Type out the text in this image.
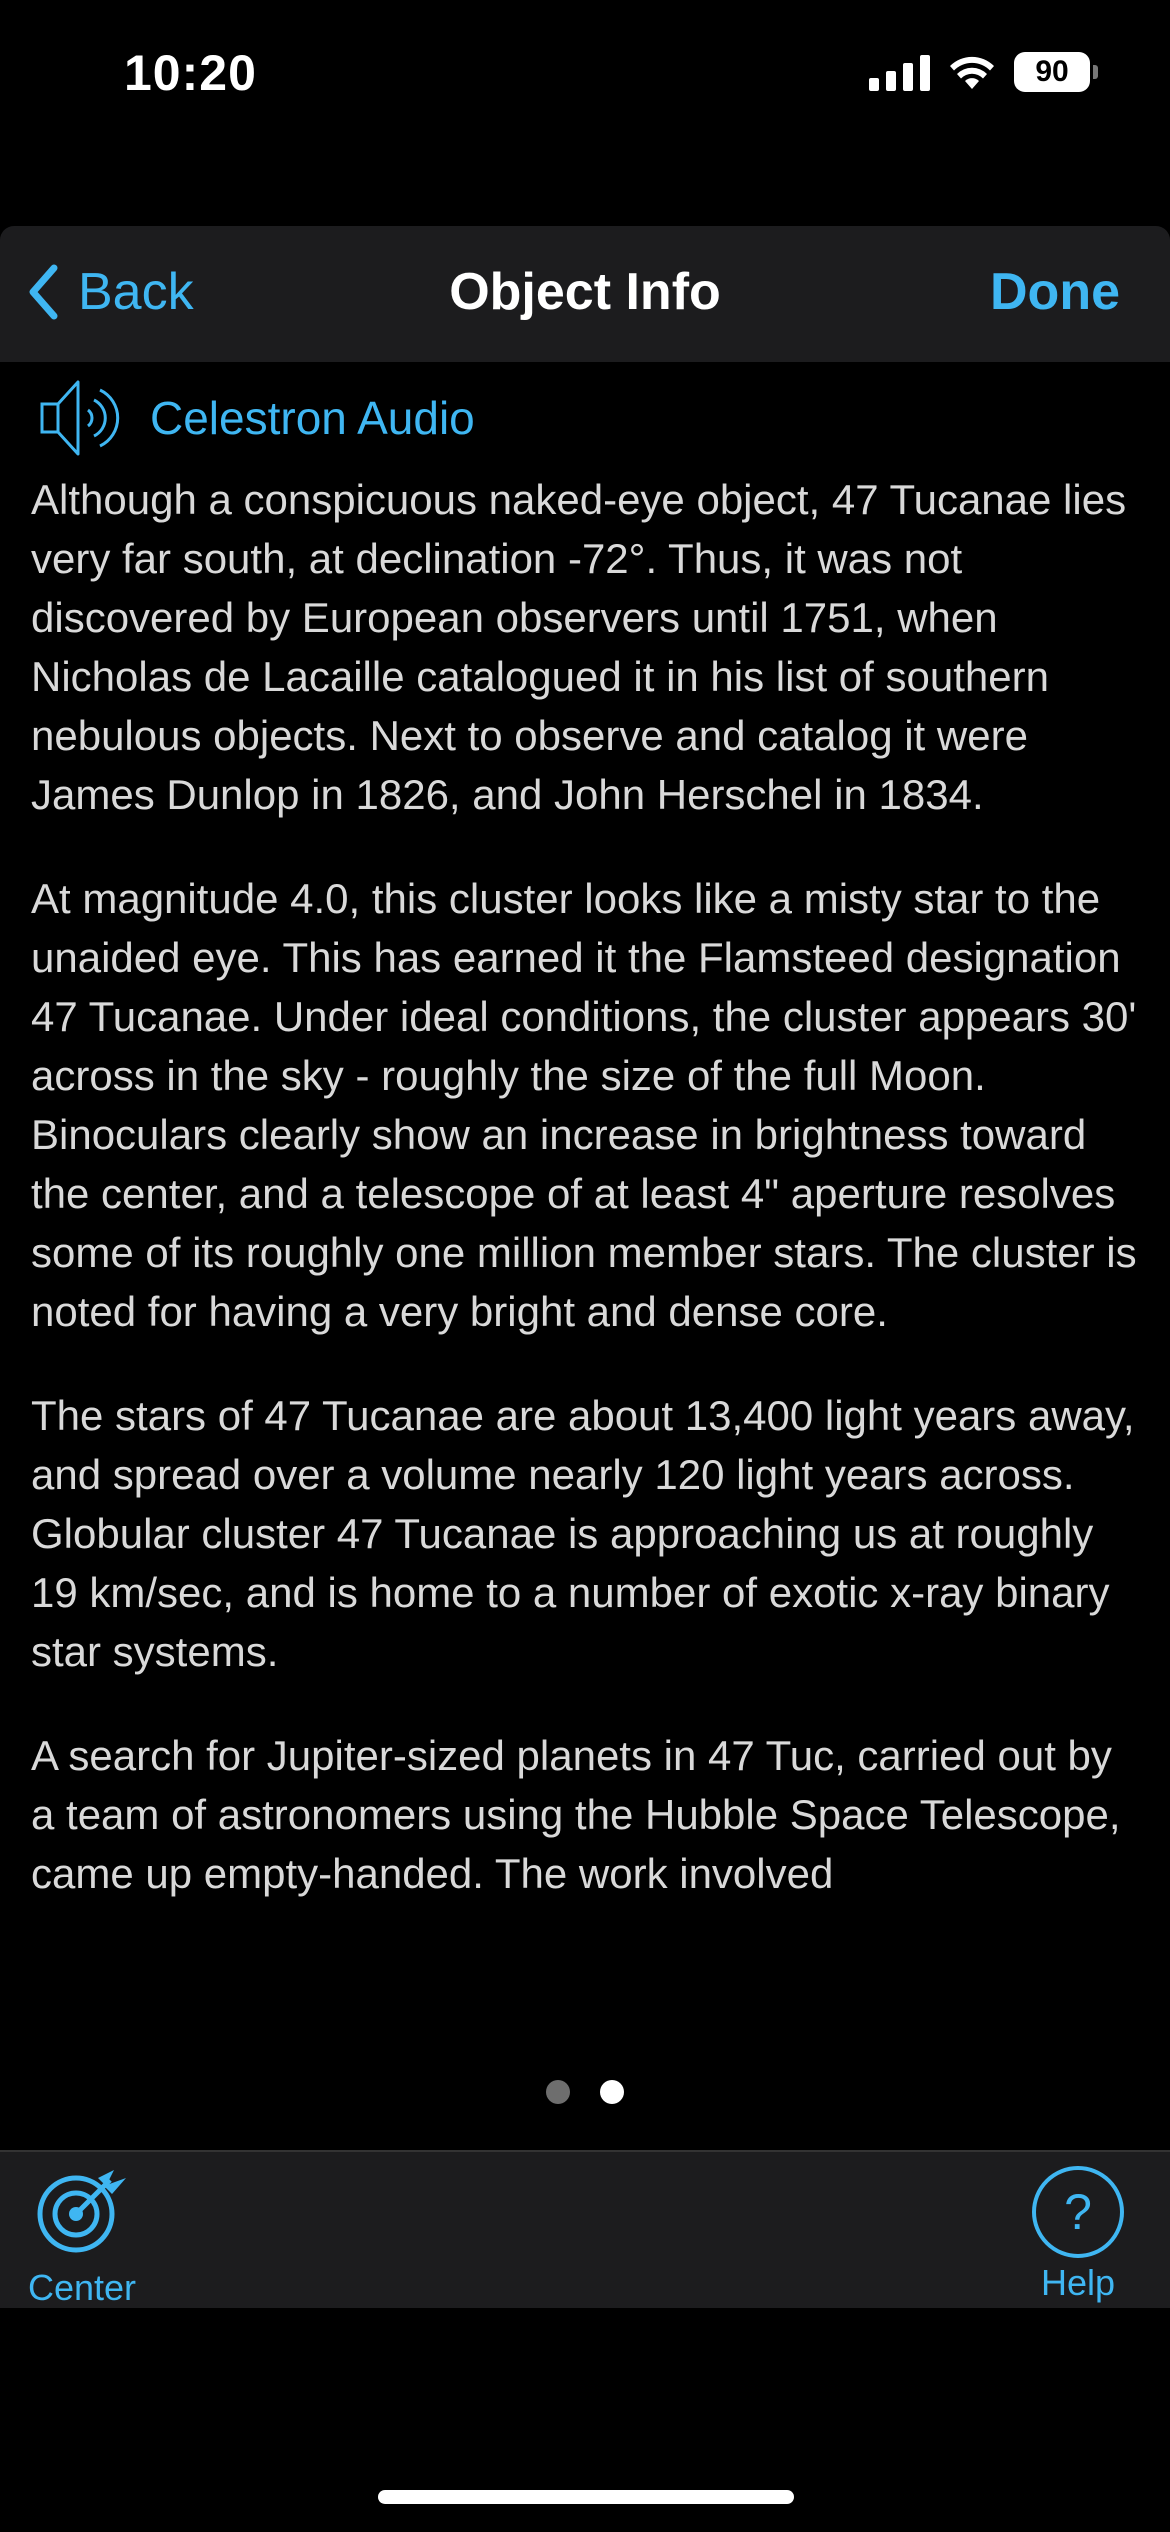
10:20	90
Back	Object Info	Done
Celestron Audio

Although a conspicuous naked-eye object, 47 Tucanae lies very far south, at declination -72°. Thus, it was not discovered by European observers until 1751, when Nicholas de Lacaille catalogued it in his list of southern nebulous objects. Next to observe and catalog it were James Dunlop in 1826, and John Herschel in 1834.

At magnitude 4.0, this cluster looks like a misty star to the unaided eye. This has earned it the Flamsteed designation 47 Tucanae. Under ideal conditions, the cluster appears 30' across in the sky - roughly the size of the full Moon. Binoculars clearly show an increase in brightness toward the center, and a telescope of at least 4" aperture resolves some of its roughly one million member stars. The cluster is noted for having a very bright and dense core.

The stars of 47 Tucanae are about 13,400 light years away, and spread over a volume nearly 120 light years across. Globular cluster 47 Tucanae is approaching us at roughly 19 km/sec, and is home to a number of exotic x-ray binary star systems.

A search for Jupiter-sized planets in 47 Tuc, carried out by a team of astronomers using the Hubble Space Telescope, came up empty-handed. The work involved

Center
?
Help
